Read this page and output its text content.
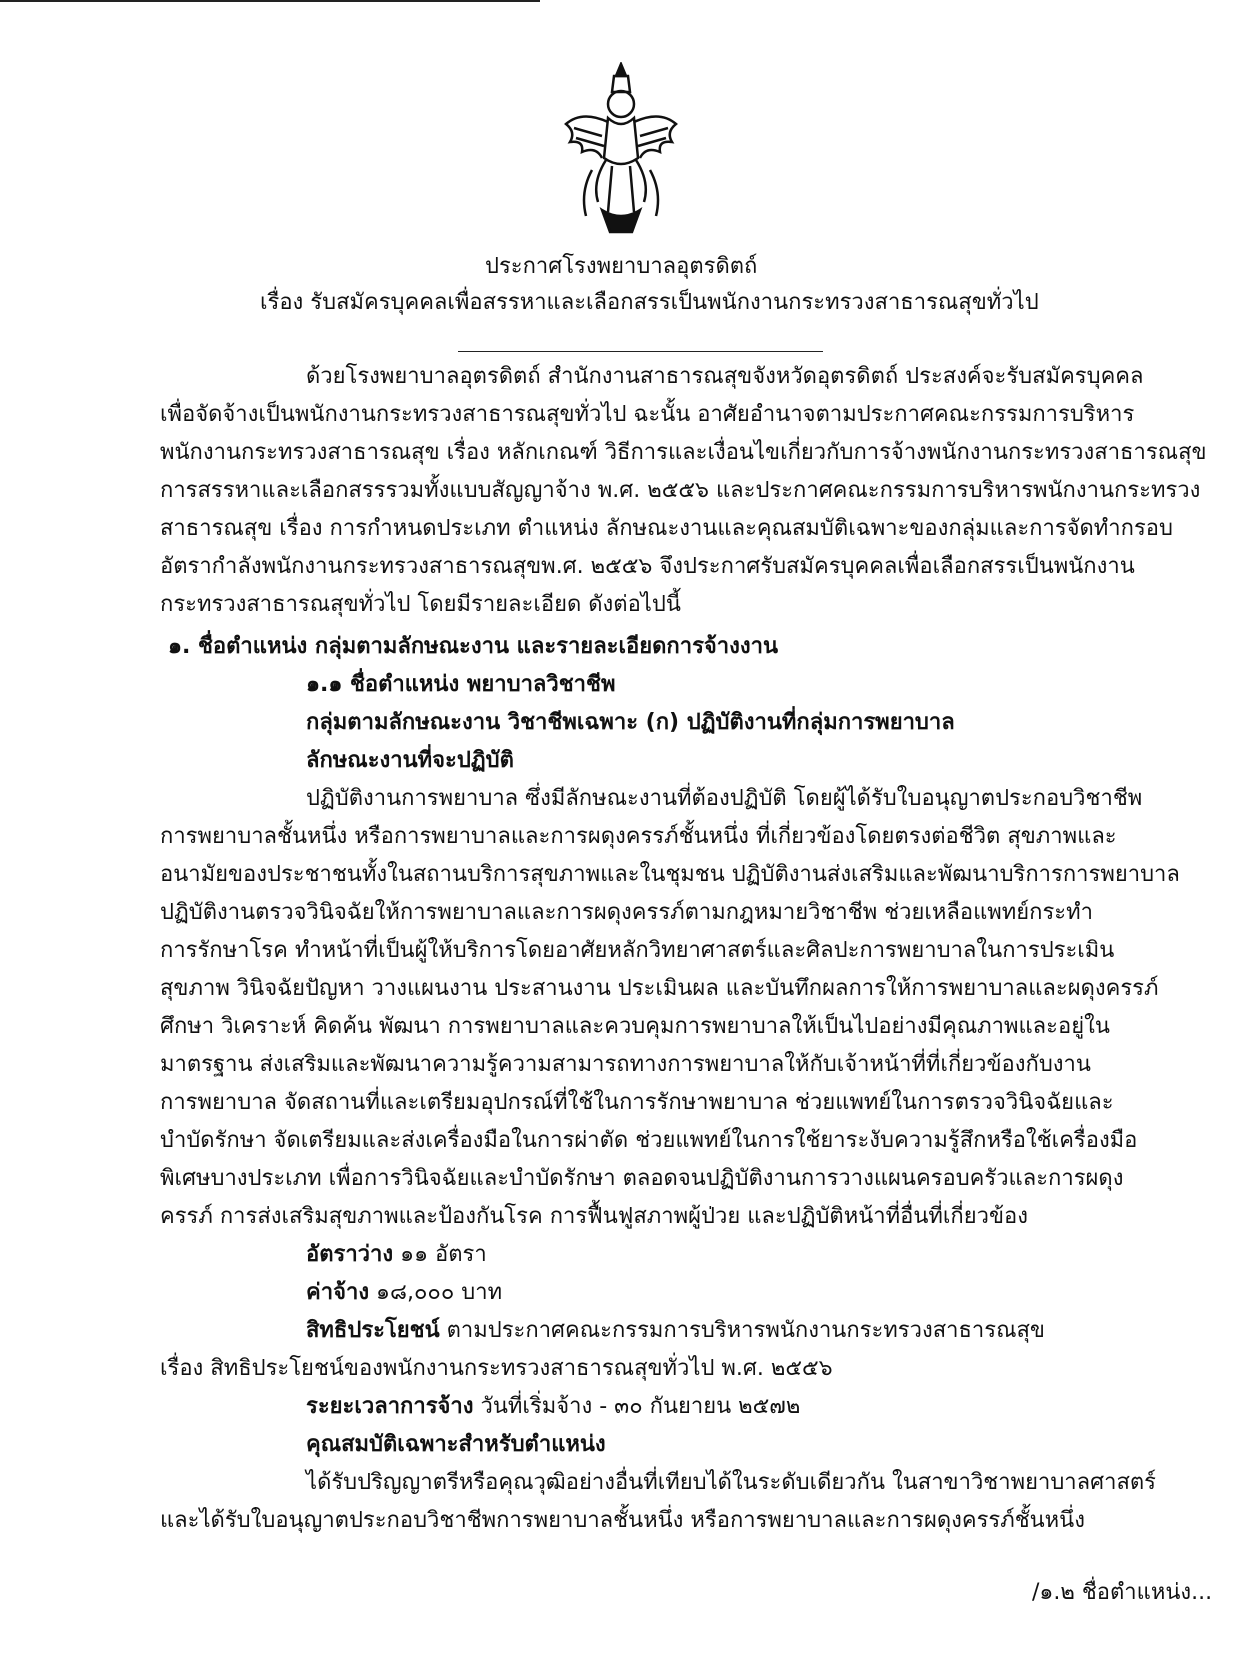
ประกาศโรงพยาบาลอุตรดิตถ์
เรื่อง รับสมัครบุคคลเพื่อสรรหาและเลือกสรรเป็นพนักงานกระทรวงสาธารณสุขทั่วไป
ด้วยโรงพยาบาลอุตรดิตถ์ สำนักงานสาธารณสุขจังหวัดอุตรดิตถ์ ประสงค์จะรับสมัครบุคคล
เพื่อจัดจ้างเป็นพนักงานกระทรวงสาธารณสุขทั่วไป ฉะนั้น อาศัยอำนาจตามประกาศคณะกรรมการบริหาร
พนักงานกระทรวงสาธารณสุข เรื่อง หลักเกณฑ์ วิธีการและเงื่อนไขเกี่ยวกับการจ้างพนักงานกระทรวงสาธารณสุข
การสรรหาและเลือกสรรรวมทั้งแบบสัญญาจ้าง พ.ศ. ๒๕๕๖ และประกาศคณะกรรมการบริหารพนักงานกระทรวง
สาธารณสุข เรื่อง การกำหนดประเภท ตำแหน่ง ลักษณะงานและคุณสมบัติเฉพาะของกลุ่มและการจัดทำกรอบ
อัตรากำลังพนักงานกระทรวงสาธารณสุขพ.ศ. ๒๕๕๖ จึงประกาศรับสมัครบุคคลเพื่อเลือกสรรเป็นพนักงาน
กระทรวงสาธารณสุขทั่วไป โดยมีรายละเอียด ดังต่อไปนี้
๑. ชื่อตำแหน่ง กลุ่มตามลักษณะงาน และรายละเอียดการจ้างงาน
๑.๑ ชื่อตำแหน่ง พยาบาลวิชาชีพ
กลุ่มตามลักษณะงาน วิชาชีพเฉพาะ (ก) ปฏิบัติงานที่กลุ่มการพยาบาล
ลักษณะงานที่จะปฏิบัติ
ปฏิบัติงานการพยาบาล ซึ่งมีลักษณะงานที่ต้องปฏิบัติ โดยผู้ได้รับใบอนุญาตประกอบวิชาชีพ
การพยาบาลชั้นหนึ่ง หรือการพยาบาลและการผดุงครรภ์ชั้นหนึ่ง ที่เกี่ยวข้องโดยตรงต่อชีวิต สุขภาพและ
อนามัยของประชาชนทั้งในสถานบริการสุขภาพและในชุมชน ปฏิบัติงานส่งเสริมและพัฒนาบริการการพยาบาล
ปฏิบัติงานตรวจวินิจฉัยให้การพยาบาลและการผดุงครรภ์ตามกฎหมายวิชาชีพ ช่วยเหลือแพทย์กระทำ
การรักษาโรค ทำหน้าที่เป็นผู้ให้บริการโดยอาศัยหลักวิทยาศาสตร์และศิลปะการพยาบาลในการประเมิน
สุขภาพ วินิจฉัยปัญหา วางแผนงาน ประสานงาน ประเมินผล และบันทึกผลการให้การพยาบาลและผดุงครรภ์
ศึกษา วิเคราะห์ คิดค้น พัฒนา การพยาบาลและควบคุมการพยาบาลให้เป็นไปอย่างมีคุณภาพและอยู่ใน
มาตรฐาน ส่งเสริมและพัฒนาความรู้ความสามารถทางการพยาบาลให้กับเจ้าหน้าที่ที่เกี่ยวข้องกับงาน
การพยาบาล จัดสถานที่และเตรียมอุปกรณ์ที่ใช้ในการรักษาพยาบาล ช่วยแพทย์ในการตรวจวินิจฉัยและ
บำบัดรักษา จัดเตรียมและส่งเครื่องมือในการผ่าตัด ช่วยแพทย์ในการใช้ยาระงับความรู้สึกหรือใช้เครื่องมือ
พิเศษบางประเภท เพื่อการวินิจฉัยและบำบัดรักษา ตลอดจนปฏิบัติงานการวางแผนครอบครัวและการผดุง
ครรภ์ การส่งเสริมสุขภาพและป้องกันโรค การฟื้นฟูสภาพผู้ป่วย และปฏิบัติหน้าที่อื่นที่เกี่ยวข้อง
อัตราว่าง ๑๑ อัตรา
ค่าจ้าง ๑๘,๐๐๐ บาท
สิทธิประโยชน์ ตามประกาศคณะกรรมการบริหารพนักงานกระทรวงสาธารณสุข
เรื่อง สิทธิประโยชน์ของพนักงานกระทรวงสาธารณสุขทั่วไป พ.ศ. ๒๕๕๖
ระยะเวลาการจ้าง วันที่เริ่มจ้าง - ๓๐ กันยายน ๒๕๗๒
คุณสมบัติเฉพาะสำหรับตำแหน่ง
ได้รับปริญญาตรีหรือคุณวุฒิอย่างอื่นที่เทียบได้ในระดับเดียวกัน ในสาขาวิชาพยาบาลศาสตร์
และได้รับใบอนุญาตประกอบวิชาชีพการพยาบาลชั้นหนึ่ง หรือการพยาบาลและการผดุงครรภ์ชั้นหนึ่ง
/๑.๒ ชื่อตำแหน่ง...
